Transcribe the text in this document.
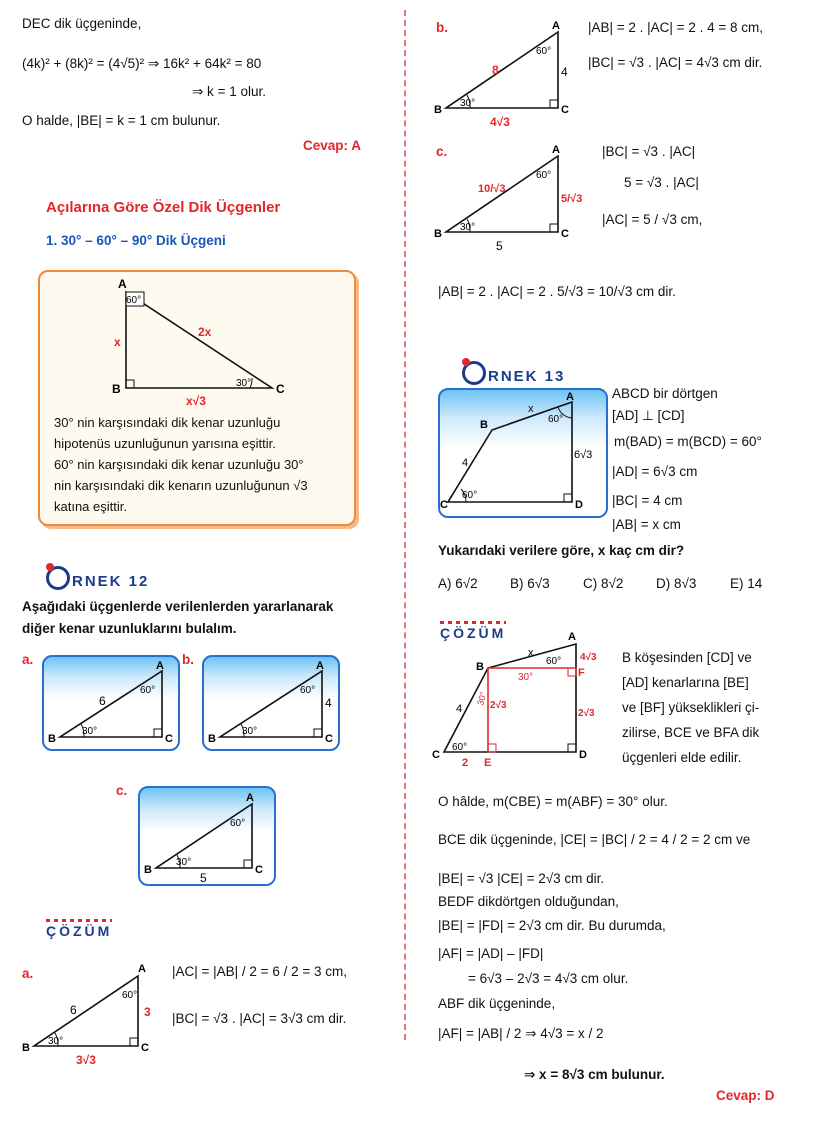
DEC dik üçgeninde,
(4k)² + (8k)² = (4√5)² ⇒ 16k² + 64k² = 80
⇒ k = 1 olur.
O halde, |BE| = k = 1 cm bulunur.
Cevap: A
Açılarına Göre Özel Dik Üçgenler
1. 30° – 60° – 90° Dik Üçgeni
A
B	C
60°
30°
x
2x
x√3
30° nin karşısındaki dik kenar uzunluğu
hipotenüs uzunluğunun yarısına eşittir.
60° nin karşısındaki dik kenar uzunluğu 30°
nin karşısındaki dik kenarın uzunluğunun √3
katına eşittir.
RNEK 12
Aşağıdaki üçgenlerde verilenlerden yararlanarak
diğer kenar uzunluklarını bulalım.
a.	A
B	C
60°
30°
6
b.	A
B	C
60°
30°
4
c.	A
B	C
60°
30°
5
ÇÖZÜM
a.	A
B	C
60°
30°
6	3
3√3
|AC| = |AB| / 2 = 6 / 2 = 3 cm,
|BC| = √3 . |AC| = 3√3 cm dir.
b.	A
B	C
60°
30°
8	4
4√3
|AB| = 2 . |AC| = 2 . 4 = 8 cm,
|BC| = √3 . |AC| = 4√3 cm dir.
c.	A
B	C
60°
30°
10/√3
5/√3
5
|BC| = √3 . |AC|
5 = √3 . |AC|
|AC| = 5 / √3 cm,
|AB| = 2 . |AC| = 2 . 5/√3 = 10/√3 cm dir.
RNEK 13
A
B
C	D
x
4
6√3
60°
60°
ABCD bir dörtgen
[AD] ⊥ [CD]
m(BAD) = m(BCD) = 60°
|AD| = 6√3 cm
|BC| = 4 cm
|AB| = x cm
Yukarıdaki verilere göre, x kaç cm dir?
A) 6√2 B) 6√3 C) 8√2 D) 8√3 E) 14
ÇÖZÜM	A
B
C	D
E
F
x	4√3
60°
30°
2√3
2√3
30°
4
2
60°
B köşesinden [CD] ve
[AD] kenarlarına [BE]
ve [BF] yükseklikleri çi-
zilirse, BCE ve BFA dik
üçgenleri elde edilir.
O hâlde, m(CBE) = m(ABF) = 30° olur.
BCE dik üçgeninde, |CE| = |BC| / 2 = 4 / 2 = 2 cm ve
|BE| = √3 |CE| = 2√3 cm dir.
BEDF dikdörtgen olduğundan,
|BE| = |FD| = 2√3 cm dir. Bu durumda,
|AF| = |AD| – |FD|
= 6√3 – 2√3 = 4√3 cm olur.
ABF dik üçgeninde,
|AF| = |AB| / 2 ⇒ 4√3 = x / 2
⇒ x = 8√3 cm bulunur.
Cevap: D
